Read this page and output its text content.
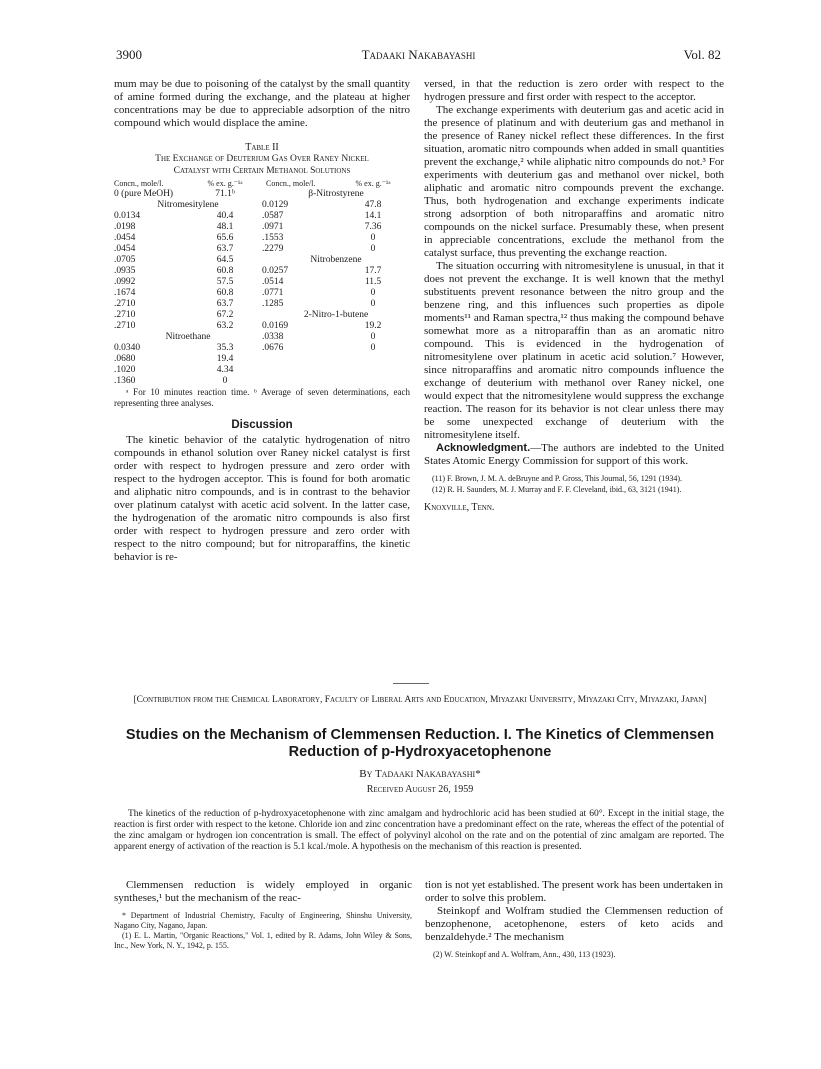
3900	Tadaaki Nakabayashi	Vol. 82

mum may be due to poisoning of the catalyst by the small quantity of amine formed during the exchange, and the plateau at higher concentrations may be due to appreciable adsorption of the nitro compound which would displace the amine.

Table II
The Exchange of Deuterium Gas Over Raney Nickel
Catalyst with Certain Methanol Solutions
Concn., mole/l.	% ex. g.⁻¹ᵃ	Concn., mole/l.	% ex. g.⁻¹ᵃ
0 (pure MeOH)	71.1ᵇ	β-Nitrostyrene	
Nitromesitylene		0.0129	47.8
0.0134	40.4	.0587	14.1
.0198	48.1	.0971	7.36
.0454	65.6	.1553	0
.0454	63.7	.2279	0
.0705	64.5	Nitrobenzene	
.0935	60.8	0.0257	17.7
.0992	57.5	.0514	11.5
.1674	60.8	.0771	0
.2710	63.7	.1285	0
.2710	67.2	2-Nitro-1-butene	
.2710	63.2	0.0169	19.2
Nitroethane		.0338	0
0.0340	35.3	.0676	0
.0680	19.4		
.1020	4.34		
.1360	0		

ᵃ For 10 minutes reaction time. ᵇ Average of seven determinations, each representing three analyses.

Discussion

The kinetic behavior of the catalytic hydrogenation of nitro compounds in ethanol solution over Raney nickel catalyst is first order with respect to hydrogen pressure and zero order with respect to the hydrogen acceptor. This is found for both aromatic and aliphatic nitro compounds, and is in contrast to the behavior over platinum catalyst with acetic acid solvent. In the latter case, the hydrogenation of the aromatic nitro compounds is also first order with respect to hydrogen pressure and zero order with respect to the nitro compound; but for nitroparaffins, the kinetic behavior is re-

versed, in that the reduction is zero order with respect to the hydrogen pressure and first order with respect to the acceptor.

The exchange experiments with deuterium gas and acetic acid in the presence of platinum and with deuterium gas and methanol in the presence of Raney nickel reflect these differences. In the first situation, aromatic nitro compounds when added in small quantities prevent the exchange,² while aliphatic nitro compounds do not.³ For experiments with deuterium gas and methanol over nickel, both aliphatic and aromatic nitro compounds prevent the exchange. Thus, both hydrogenation and exchange experiments indicate strong adsorption of both nitroparaffins and aromatic nitro compounds on the nickel surface. Presumably these, when present in appreciable concentrations, exclude the methanol from the catalyst surface, thus preventing the exchange reaction.

The situation occurring with nitromesitylene is unusual, in that it does not prevent the exchange. It is well known that the methyl substituents prevent resonance between the nitro group and the benzene ring, and this influences such properties as dipole moments¹¹ and Raman spectra,¹² thus making the compound behave somewhat more as a nitroparaffin than as an aromatic nitro compound. This is evidenced in the hydrogenation of nitromesitylene over platinum in acetic acid solution.⁷ However, since nitroparaffins and aromatic nitro compounds influence the exchange of deuterium with methanol over Raney nickel, one would expect that the nitromesitylene would suppress the exchange reaction. The reason for its behavior is not clear unless there may be some unexpected exchange of deuterium with the nitromesitylene itself.

Acknowledgment.—The authors are indebted to the United States Atomic Energy Commission for support of this work.

(11) F. Brown, J. M. A. deBruyne and P. Gross, This Journal, 56, 1291 (1934).

(12) R. H. Saunders, M. J. Murray and F. F. Cleveland, ibid., 63, 3121 (1941).

Knoxville, Tenn.
[Contribution from the Chemical Laboratory, Faculty of Liberal Arts and Education, Miyazaki University, Miyazaki City, Miyazaki, Japan]
Studies on the Mechanism of Clemmensen Reduction. I. The Kinetics of Clemmensen Reduction of p-Hydroxyacetophenone
By Tadaaki Nakabayashi*
Received August 26, 1959
The kinetics of the reduction of p-hydroxyacetophenone with zinc amalgam and hydrochloric acid has been studied at 60°. Except in the initial stage, the reaction is first order with respect to the ketone. Chloride ion and zinc concentration have a predominant effect on the rate, whereas the effect of the potential of the zinc amalgam or hydrogen ion concentration is small. The effect of polyvinyl alcohol on the rate and on the potential of zinc amalgam are reported. The apparent energy of activation of the reaction is 5.1 kcal./mole. A hypothesis on the mechanism of this reaction is presented.

Clemmensen reduction is widely employed in organic syntheses,¹ but the mechanism of the reac-

* Department of Industrial Chemistry, Faculty of Engineering, Shinshu University, Nagano City, Nagano, Japan.

(1) E. L. Martin, "Organic Reactions," Vol. 1, edited by R. Adams, John Wiley & Sons, Inc., New York, N. Y., 1942, p. 155.

tion is not yet established. The present work has been undertaken in order to solve this problem.

Steinkopf and Wolfram studied the Clemmensen reduction of benzophenone, acetophenone, esters of keto acids and benzaldehyde.² The mechanism

(2) W. Steinkopf and A. Wolfram, Ann., 430, 113 (1923).
